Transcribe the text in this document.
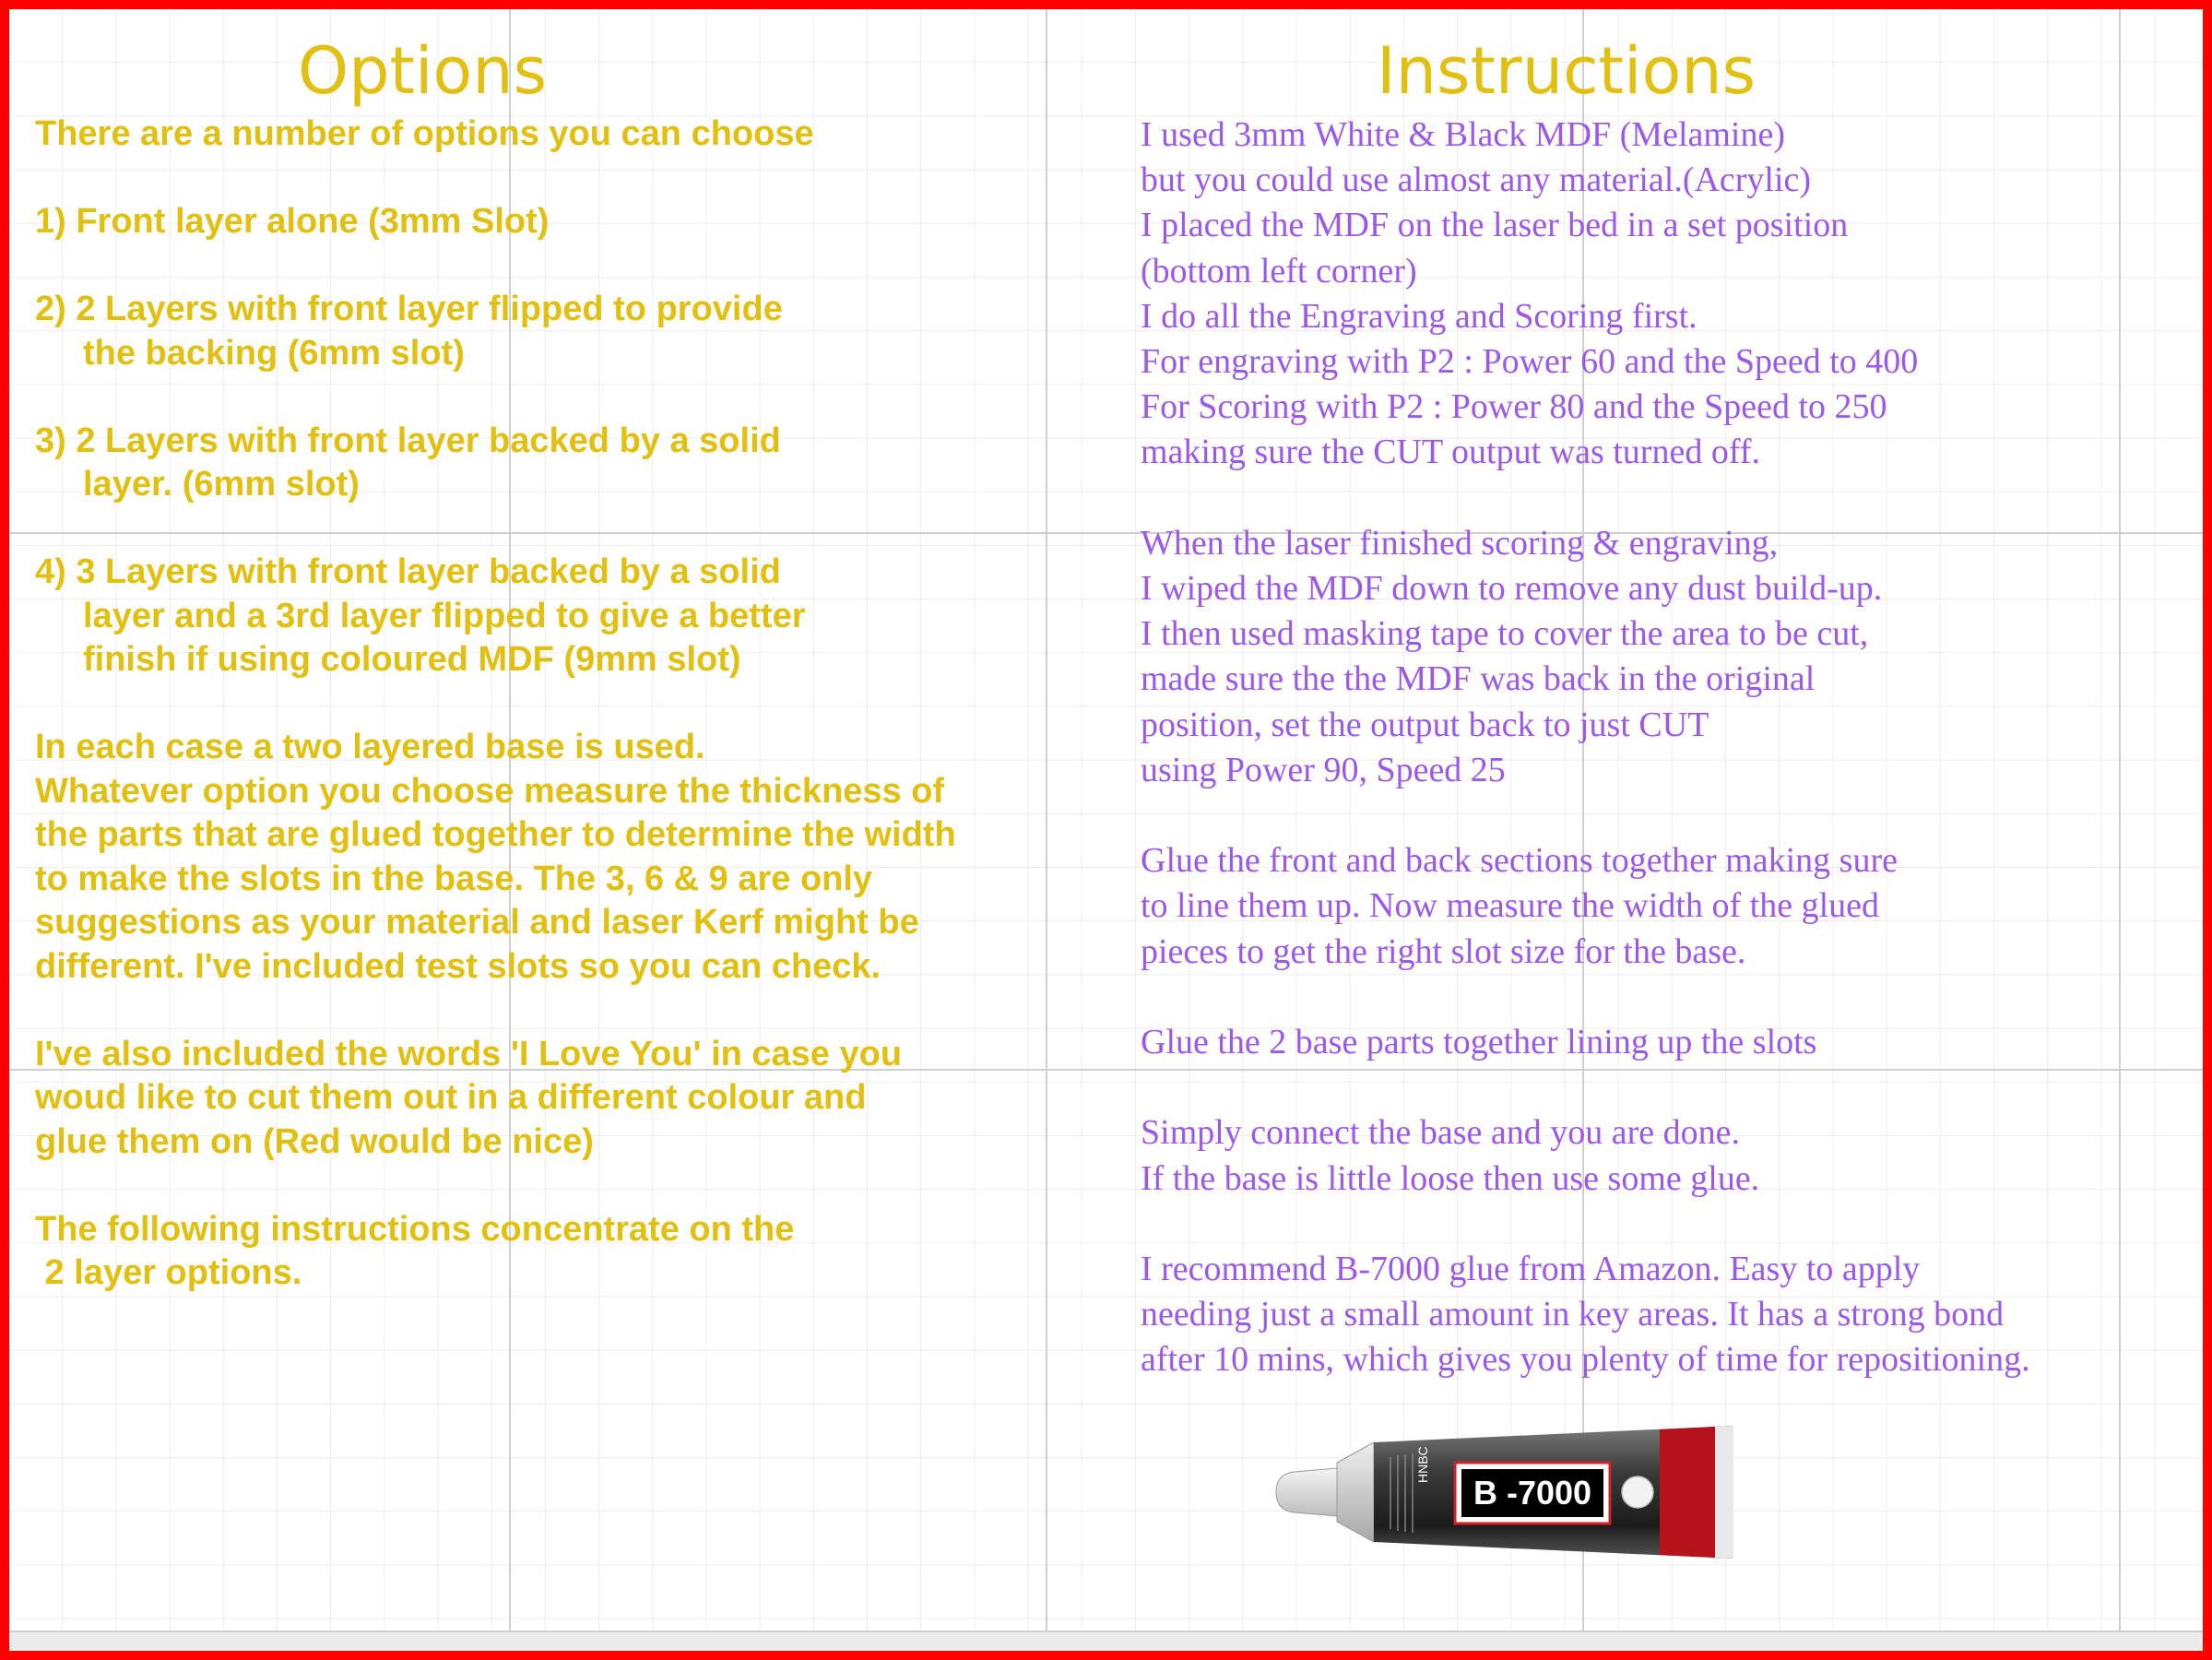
Options
There are a number of options you can choose
1) Front layer alone (3mm Slot)
2) 2 Layers with front layer flipped to provide
the backing (6mm slot)
3) 2 Layers with front layer backed by a solid
layer. (6mm slot)
4) 3 Layers with front layer backed by a solid
layer and a 3rd layer flipped to give a better
finish if using coloured MDF (9mm slot)
In each case a two layered base is used.
Whatever option you choose measure the thickness of
the parts that are glued together to determine the width
to make the slots in the base. The 3, 6 & 9 are only
suggestions as your material and laser Kerf might be
different. I've included test slots so you can check.
I've also included the words 'I Love You' in case you
woud like to cut them out in a different colour and
glue them on (Red would be nice)
The following instructions concentrate on the
2 layer options.
Instructions
I used 3mm White & Black MDF (Melamine)
but you could use almost any material.(Acrylic)
I placed the MDF on the laser bed in a set position
(bottom left corner)
I do all the Engraving and Scoring first.
For engraving with P2 : Power 60 and the Speed to 400
For Scoring with P2 : Power 80 and the Speed to 250
making sure the CUT output was turned off.
When the laser finished scoring & engraving,
I wiped the MDF down to remove any dust build-up.
I then used masking tape to cover the area to be cut,
made sure the the MDF was back in the original
position, set the output back to just CUT
using Power 90, Speed 25
Glue the front and back sections together making sure
to line them up. Now measure the width of the glued
pieces to get the right slot size for the base.
Glue the 2 base parts together lining up the slots
Simply connect the base and you are done.
If the base is little loose then use some glue.
I recommend B-7000 glue from Amazon. Easy to apply
needing just a small amount in key areas. It has a strong bond
after 10 mins, which gives you plenty of time for repositioning.
B -7000
HNBC
